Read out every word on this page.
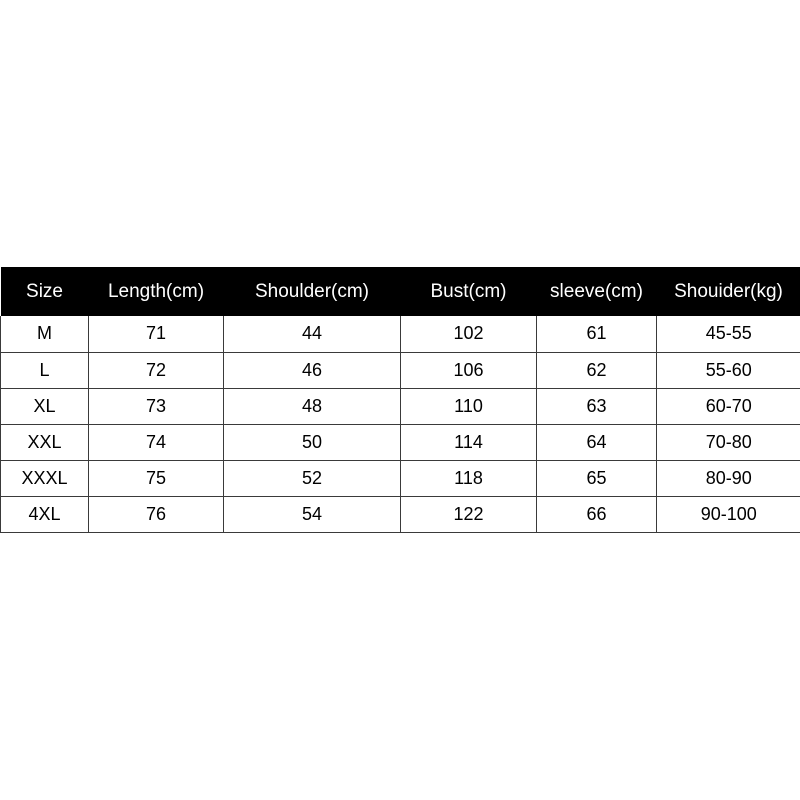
Size	Length(cm)	Shoulder(cm)	Bust(cm)	sleeve(cm)	Shouider(kg)
M	71	44	102	61	45-55
L	72	46	106	62	55-60
XL	73	48	110	63	60-70
XXL	74	50	114	64	70-80
XXXL	75	52	118	65	80-90
4XL	76	54	122	66	90-100
